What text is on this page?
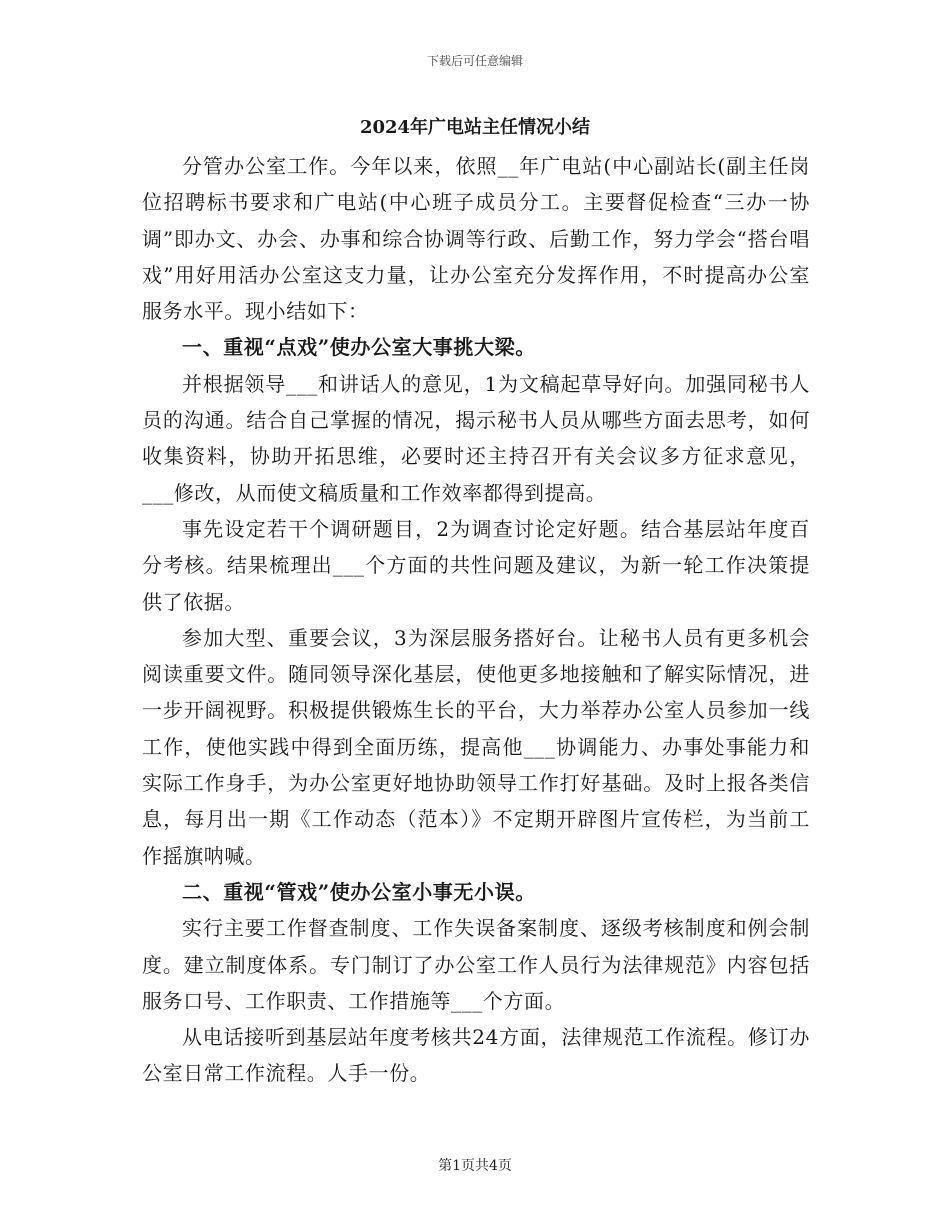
下载后可任意编辑
2024年广电站主任情况小结

分管办公室工作。今年以来，依照__年广电站(中心副站长(副主任岗位招聘标书要求和广电站(中心班子成员分工。主要督促检查“三办一协调”即办文、办会、办事和综合协调等行政、后勤工作，努力学会“搭台唱戏”用好用活办公室这支力量，让办公室充分发挥作用，不时提高办公室服务水平。现小结如下：

一、重视“点戏”使办公室大事挑大梁。

并根据领导___和讲话人的意见，1为文稿起草导好向。加强同秘书人员的沟通。结合自己掌握的情况，揭示秘书人员从哪些方面去思考，如何收集资料，协助开拓思维，必要时还主持召开有关会议多方征求意见，___修改，从而使文稿质量和工作效率都得到提高。

事先设定若干个调研题目，2为调查讨论定好题。结合基层站年度百分考核。结果梳理出___个方面的共性问题及建议，为新一轮工作决策提供了依据。

参加大型、重要会议，3为深层服务搭好台。让秘书人员有更多机会阅读重要文件。随同领导深化基层，使他更多地接触和了解实际情况，进一步开阔视野。积极提供锻炼生长的平台，大力举荐办公室人员参加一线工作，使他实践中得到全面历练，提高他___协调能力、办事处事能力和实际工作身手，为办公室更好地协助领导工作打好基础。及时上报各类信息，每月出一期《工作动态（范本）》不定期开辟图片宣传栏，为当前工作摇旗呐喊。

二、重视“管戏”使办公室小事无小误。

实行主要工作督查制度、工作失误备案制度、逐级考核制度和例会制度。建立制度体系。专门制订了办公室工作人员行为法律规范》内容包括服务口号、工作职责、工作措施等___个方面。

从电话接听到基层站年度考核共24方面，法律规范工作流程。修订办公室日常工作流程。人手一份。

第1页共4页
